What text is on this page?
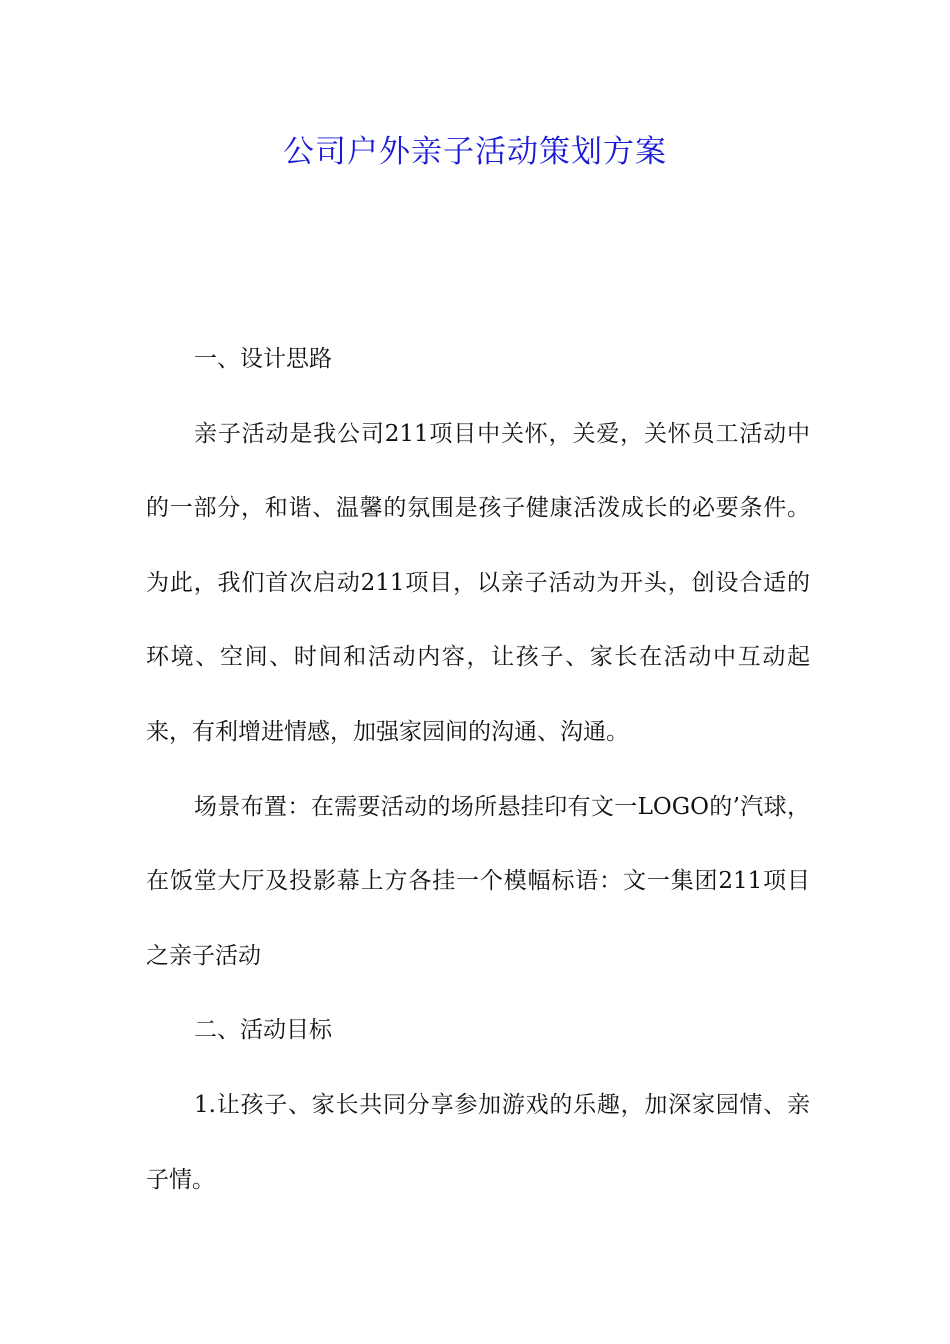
公司户外亲子活动策划方案

一、设计思路

亲子活动是我公司211项目中关怀，关爱，关怀员工活动中的一部分，和谐、温馨的氛围是孩子健康活泼成长的必要条件。为此，我们首次启动211项目，以亲子活动为开头，创设合适的环境、空间、时间和活动内容，让孩子、家长在活动中互动起来，有利增进情感，加强家园间的沟通、沟通。

场景布置：在需要活动的场所悬挂印有文一LOGO的’汽球，在饭堂大厅及投影幕上方各挂一个模幅标语：文一集团211项目之亲子活动

二、活动目标

1.让孩子、家长共同分享参加游戏的乐趣，加深家园情、亲子情。
